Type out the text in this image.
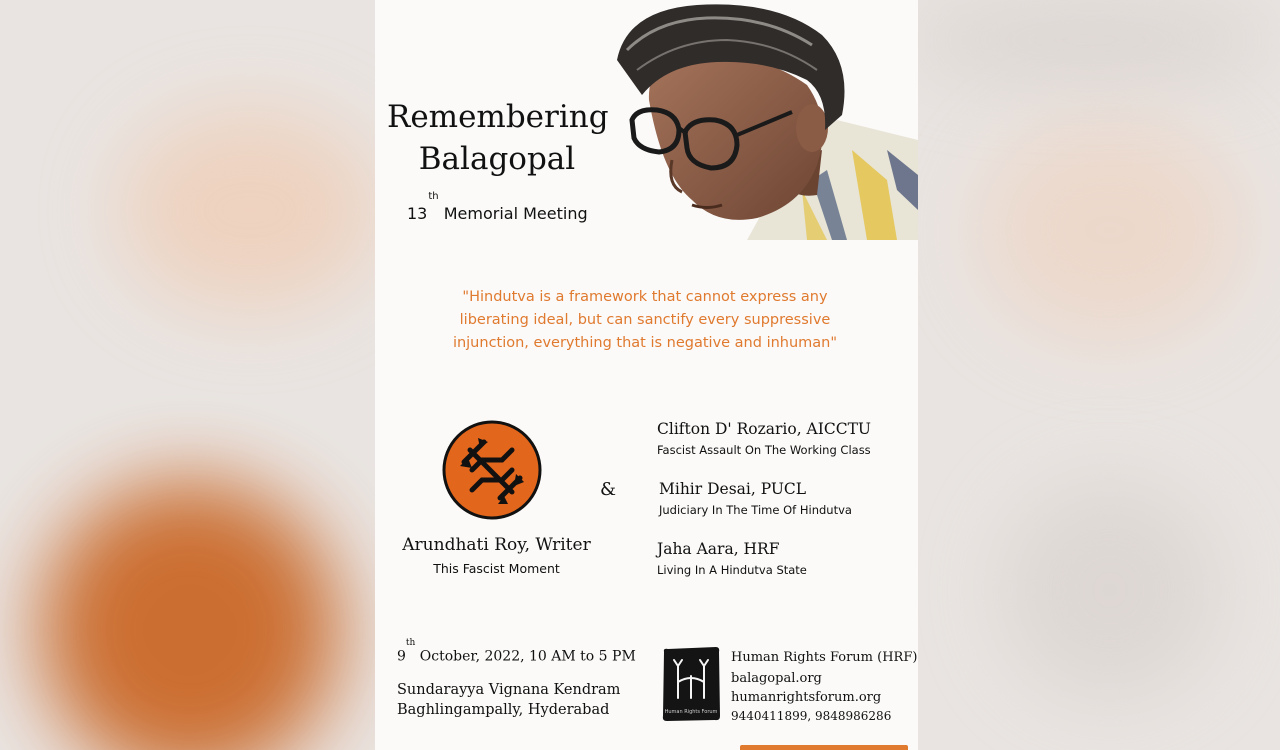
Remembering
Balagopal
13th Memorial Meeting
"Hindutva is a framework that cannot express any liberating ideal, but can sanctify every suppressive injunction, everything that is negative and inhuman"
&
Arundhati Roy, Writer
This Fascist Moment
Clifton D' Rozario, AICCTU
Fascist Assault On The Working Class
Mihir Desai, PUCL
Judiciary In The Time Of Hindutva
Jaha Aara, HRF
Living In A Hindutva State
9th October, 2022, 10 AM to 5 PM
Sundarayya Vignana Kendram
Baghlingampally, Hyderabad	Human Rights Forum
Human Rights Forum (HRF)
balagopal.org
humanrightsforum.org
9440411899, 9848986286
